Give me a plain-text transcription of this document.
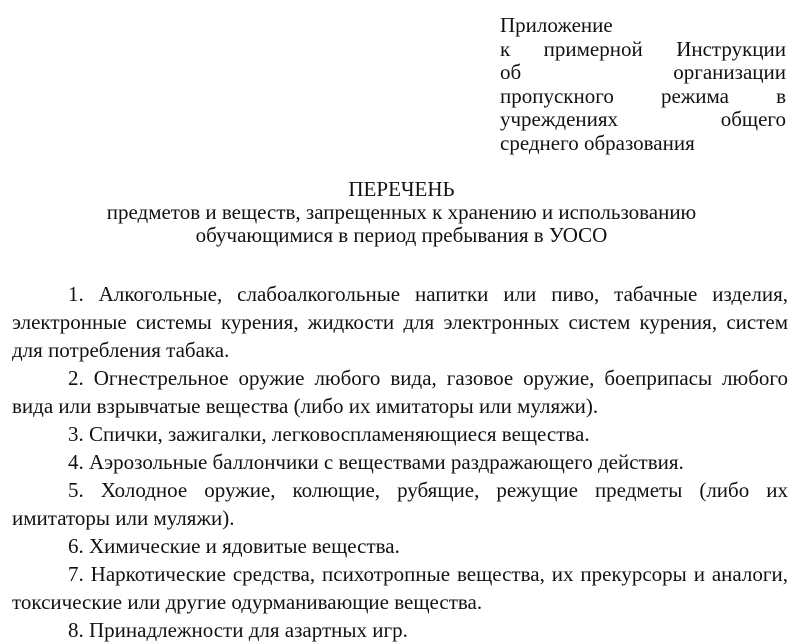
Приложение
к примерной Инструкции
об организации
пропускного режима в
учреждениях общего
среднего образования
ПЕРЕЧЕНЬ
предметов и веществ, запрещенных к хранению и использованию
обучающимися в период пребывания в УОСО

1. Алкогольные, слабоалкогольные напитки или пиво, табачные изделия, электронные системы курения, жидкости для электронных систем курения, систем для потребления табака.

2. Огнестрельное оружие любого вида, газовое оружие, боеприпасы любого вида или взрывчатые вещества (либо их имитаторы или муляжи).

3. Спички, зажигалки, легковоспламеняющиеся вещества.

4. Аэрозольные баллончики с веществами раздражающего действия.

5. Холодное оружие, колющие, рубящие, режущие предметы (либо их имитаторы или муляжи).

6. Химические и ядовитые вещества.

7. Наркотические средства, психотропные вещества, их прекурсоры и аналоги, токсические или другие одурманивающие вещества.

8. Принадлежности для азартных игр.
